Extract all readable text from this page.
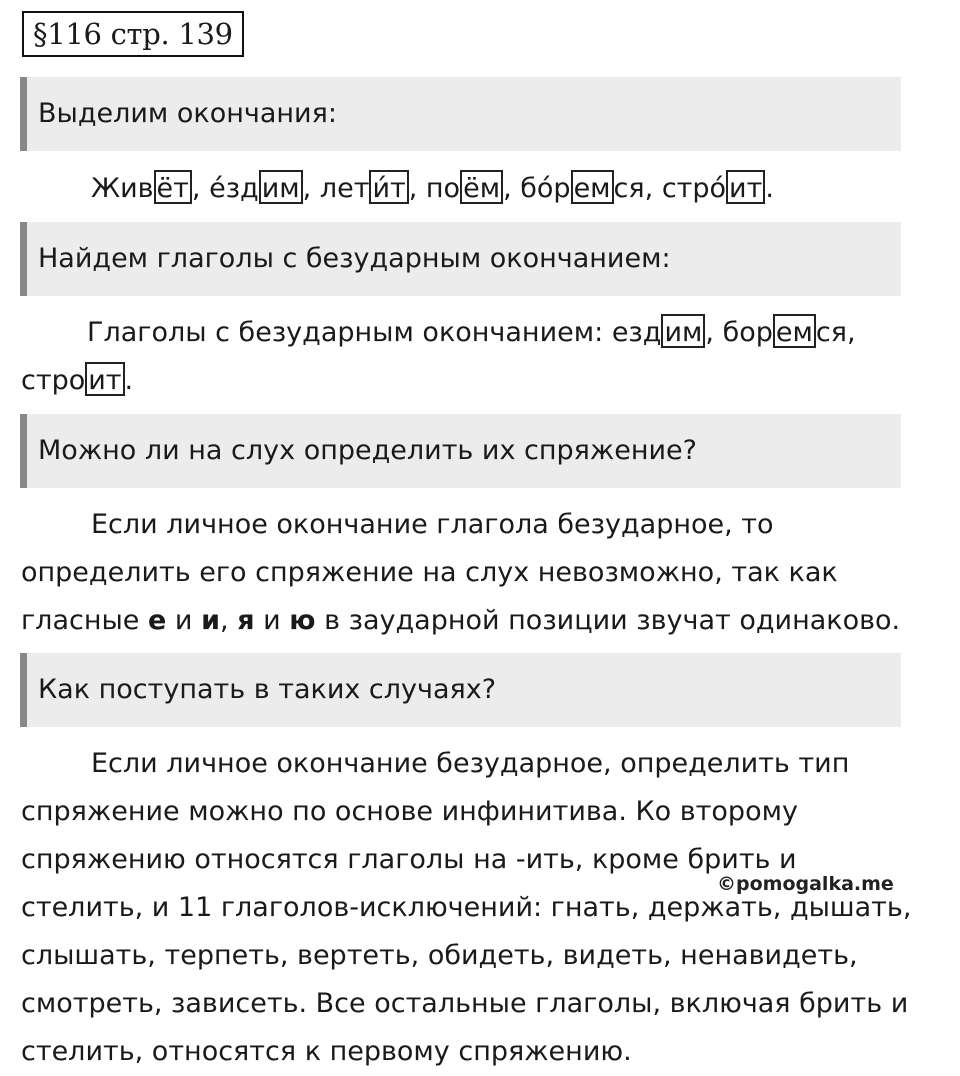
§116 стр. 139
Выделим окончания:
Жив ёт , е́зд им , лет и́т , по ём , бо́р ем ся, стро́ ит .
Найдем глаголы с безударным окончанием:
Глаголы с безударным окончанием: езд им , бор ем ся,
стро ит .
Можно ли на слух определить их спряжение?
Если личное окончание глагола безударное, то
определить его спряжение на слух невозможно, так как
гласные е и и, я и ю в заударной позиции звучат одинаково.
Как поступать в таких случаях?
Если личное окончание безударное, определить тип
спряжение можно по основе инфинитива. Ко второму
спряжению относятся глаголы на -ить, кроме брить и
стелить, и 11 глаголов-исключений: гнать, держать, дышать,
слышать, терпеть, вертеть, обидеть, видеть, ненавидеть,
смотреть, зависеть. Все остальные глаголы, включая брить и
стелить, относятся к первому спряжению.
©pomogalka.me
